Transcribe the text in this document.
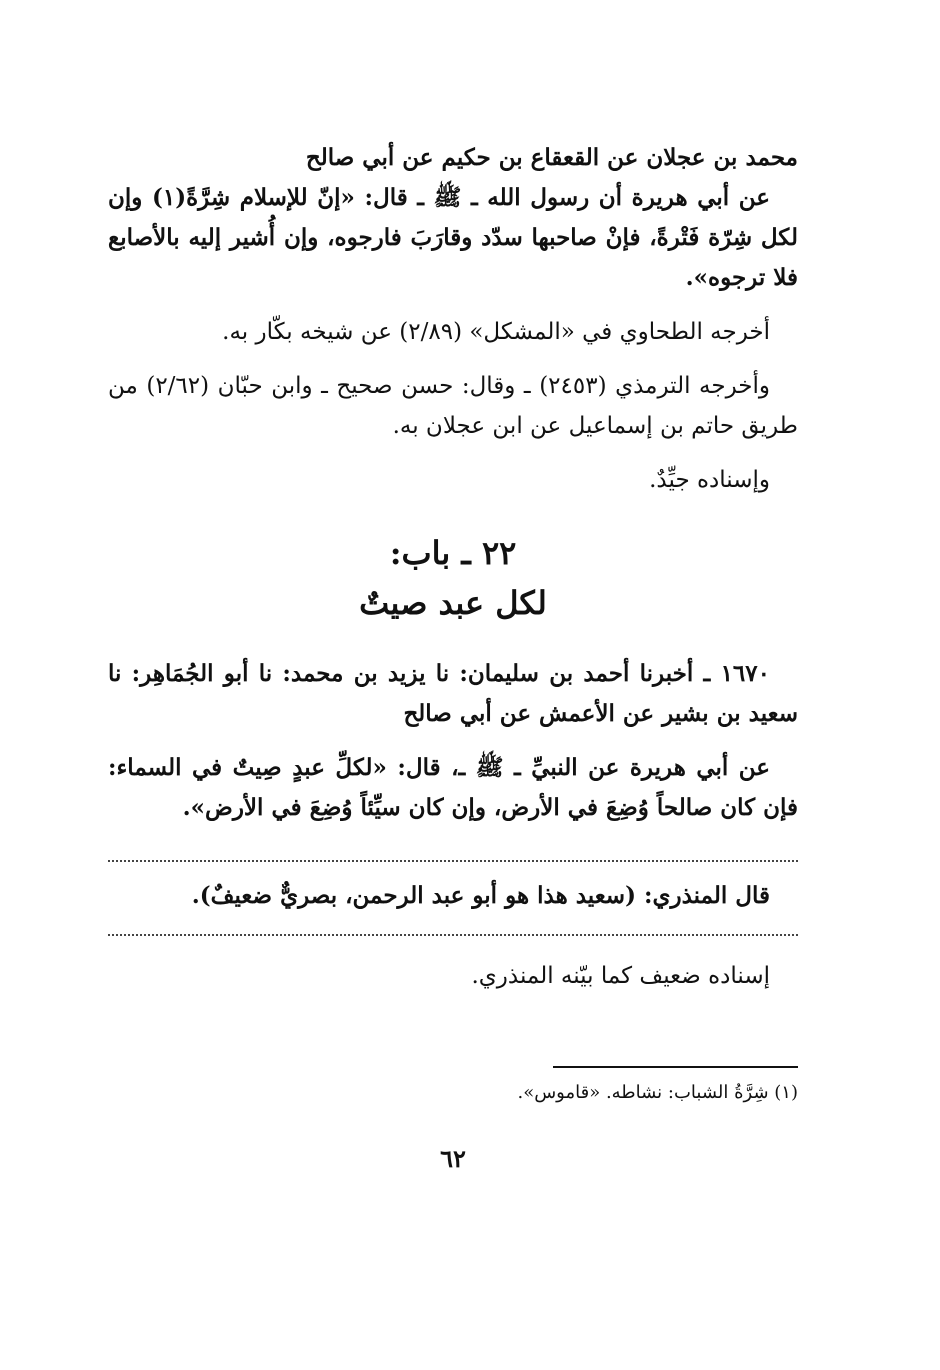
محمد بن عجلان عن القعقاع بن حكيم عن أبي صالح

عن أبي هريرة أن رسول الله ـ ﷺ ـ قال: «إنّ للإسلام شِرَّةً(١) وإن لكل شِرّة فَتْرةً، فإنْ صاحبها سدّد وقارَبَ فارجوه، وإن أُشير إليه بالأصابع فلا ترجوه».

أخرجه الطحاوي في «المشكل» (٢/٨٩) عن شيخه بكّار به.

وأخرجه الترمذي (٢٤٥٣) ـ وقال: حسن صحيح ـ وابن حبّان (٢/٦٢) من طريق حاتم بن إسماعيل عن ابن عجلان به.

وإسناده جيِّدٌ.

٢٢ ـ باب:

لكل عبد صيتٌ

١٦٧٠ ـ أخبرنا أحمد بن سليمان: نا يزيد بن محمد: نا أبو الجُمَاهِر: نا سعيد بن بشير عن الأعمش عن أبي صالح

عن أبي هريرة عن النبيِّ ـ ﷺ ـ، قال: «لكلِّ عبدٍ صِيتٌ في السماء: فإن كان صالحاً وُضِعَ في الأرض، وإن كان سيِّئاً وُضِعَ في الأرض».

قال المنذري: (سعيد هذا هو أبو عبد الرحمن، بصريٌّ ضعيفٌ).

إسناده ضعيف كما بيّنه المنذري.

(١) شِرَّةُ الشباب: نشاطه. «قاموس».

٦٢
